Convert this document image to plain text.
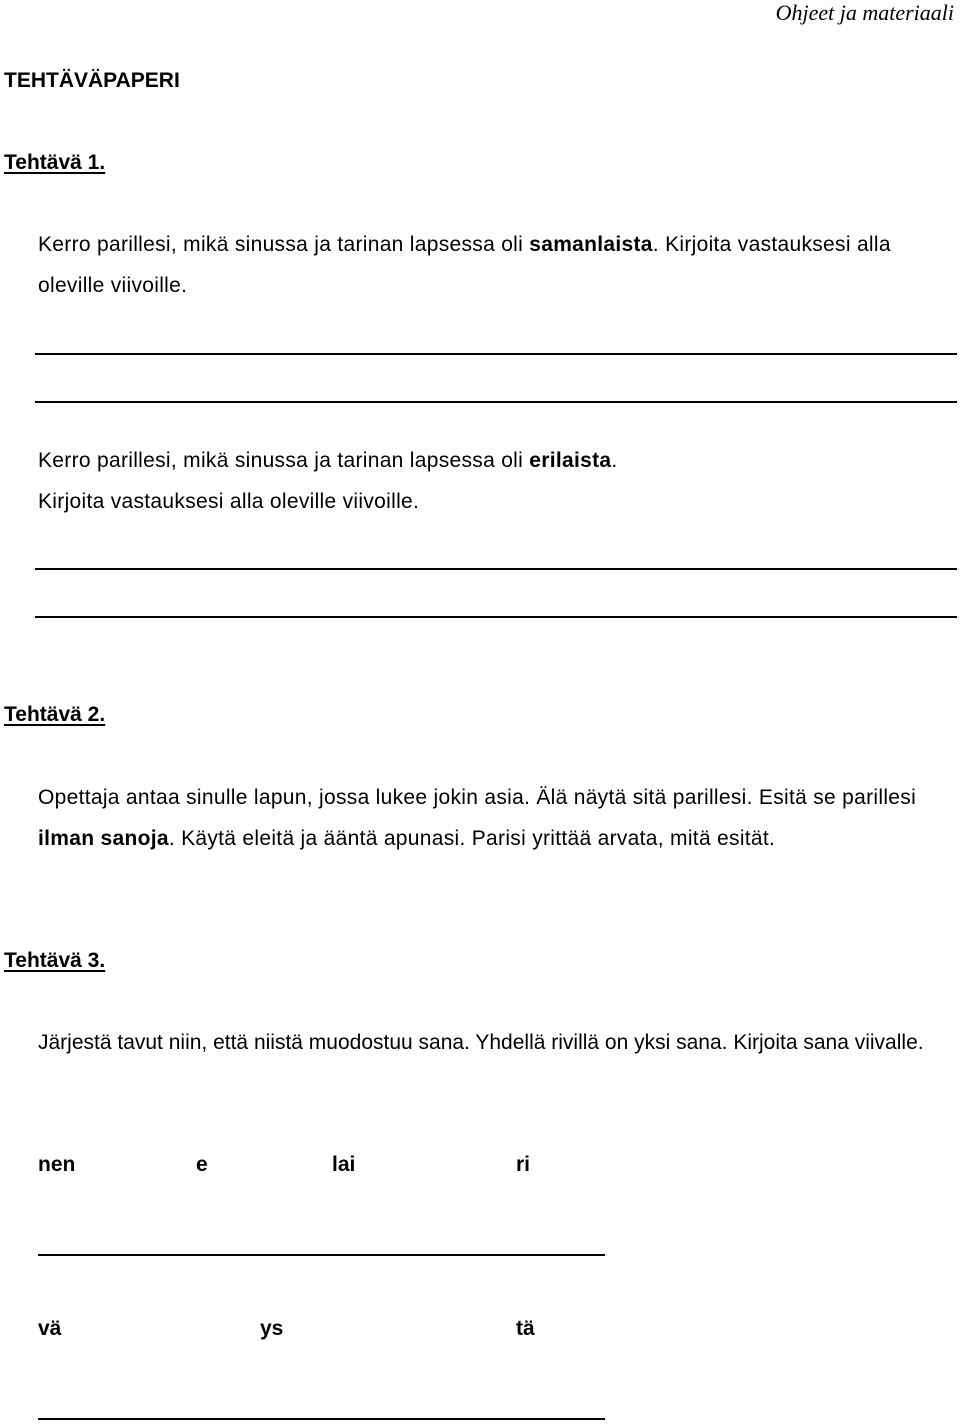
Ohjeet ja materiaali
TEHTÄVÄPAPERI
Tehtävä 1.
Kerro parillesi, mikä sinussa ja tarinan lapsessa oli samanlaista. Kirjoita vastauksesi alla oleville viivoille.
Kerro parillesi, mikä sinussa ja tarinan lapsessa oli erilaista.
Kirjoita vastauksesi alla oleville viivoille.
Tehtävä 2.
Opettaja antaa sinulle lapun, jossa lukee jokin asia. Älä näytä sitä parillesi. Esitä se parillesi ilman sanoja. Käytä eleitä ja ääntä apunasi. Parisi yrittää arvata, mitä esität.
Tehtävä 3.
Järjestä tavut niin, että niistä muodostuu sana. Yhdellä rivillä on yksi sana. Kirjoita sana viivalle.
nen	e	lai	ri
vä	ys	tä
